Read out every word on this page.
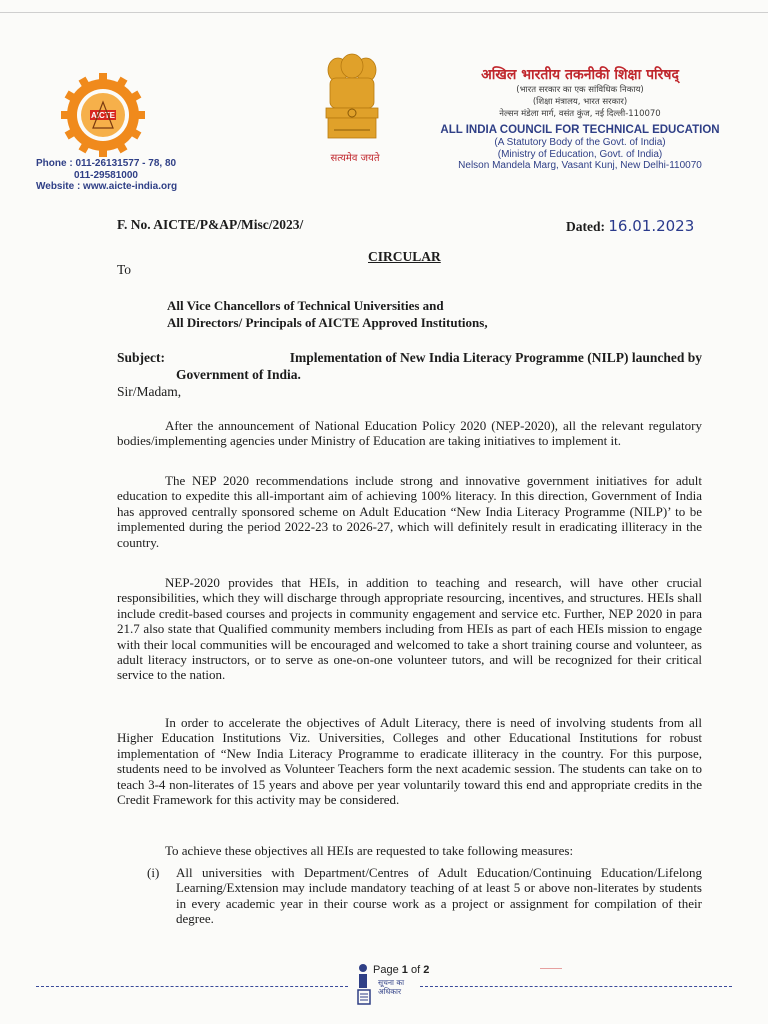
AICTE
Phone : 011-26131577 - 78, 80
011-29581000
Website : www.aicte-india.org
सत्यमेव जयते
अखिल भारतीय तकनीकी शिक्षा परिषद्
(भारत सरकार का एक सांविधिक निकाय)
(शिक्षा मंत्रालय, भारत सरकार)
नेल्सन मंडेला मार्ग, वसंत कुंज, नई दिल्ली-110070
ALL INDIA COUNCIL FOR TECHNICAL EDUCATION
(A Statutory Body of the Govt. of India)
(Ministry of Education, Govt. of India)
Nelson Mandela Marg, Vasant Kunj, New Delhi-110070
F. No. AICTE/P&AP/Misc/2023/	Dated: 16.01.2023
CIRCULAR
To
All Vice Chancellors of Technical Universities and
All Directors/ Principals of AICTE Approved Institutions,
Subject:	Implementation of New India Literacy Programme (NILP) launched by
Government of India.
Sir/Madam,
After the announcement of National Education Policy 2020 (NEP-2020), all the relevant regulatory bodies/implementing agencies under Ministry of Education are taking initiatives to implement it.
The NEP 2020 recommendations include strong and innovative government initiatives for adult education to expedite this all-important aim of achieving 100% literacy. In this direction, Government of India has approved centrally sponsored scheme on Adult Education “New India Literacy Programme (NILP)’ to be implemented during the period 2022-23 to 2026-27, which will definitely result in eradicating illiteracy in the country.
NEP-2020 provides that HEIs, in addition to teaching and research, will have other crucial responsibilities, which they will discharge through appropriate resourcing, incentives, and structures. HEIs shall include credit-based courses and projects in community engagement and service etc. Further, NEP 2020 in para 21.7 also state that Qualified community members including from HEIs as part of each HEIs mission to engage with their local communities will be encouraged and welcomed to take a short training course and volunteer, as adult literacy instructors, or to serve as one-on-one volunteer tutors, and will be recognized for their critical service to the nation.
In order to accelerate the objectives of Adult Literacy, there is need of involving students from all Higher Education Institutions Viz. Universities, Colleges and other Educational Institutions for robust implementation of “New India Literacy Programme to eradicate illiteracy in the country. For this purpose, students need to be involved as Volunteer Teachers form the next academic session. The students can take on to teach 3-4 non-literates of 15 years and above per year voluntarily toward this end and appropriate credits in the Credit Framework for this activity may be considered.
To achieve these objectives all HEIs are requested to take following measures:
(i) All universities with Department/Centres of Adult Education/Continuing Education/Lifelong Learning/Extension may include mandatory teaching of at least 5 or above non-literates by students in every academic year in their course work as a project or assignment for compilation of their degree.
Page 1 of 2
सूचना का
अधिकार
